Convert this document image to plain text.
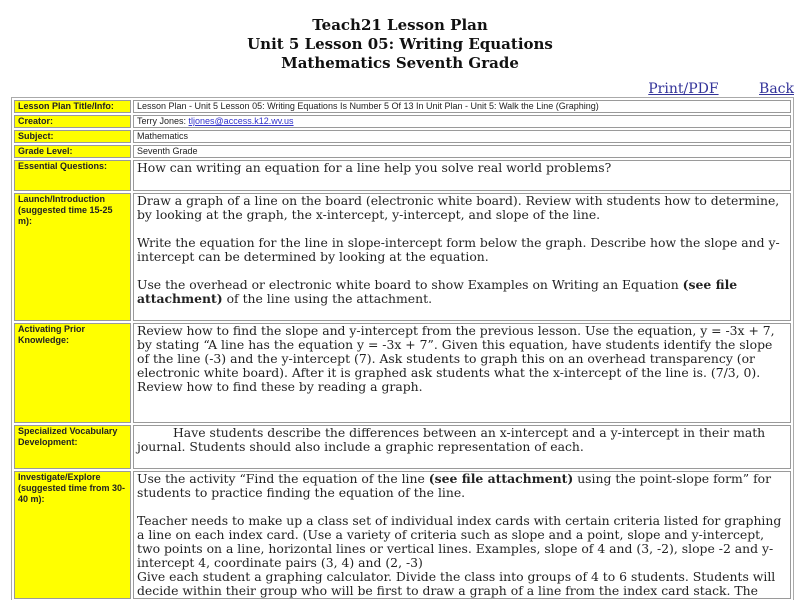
Teach21 Lesson Plan
Unit 5 Lesson 05: Writing Equations
Mathematics Seventh Grade
Print/PDF	Back
Lesson Plan Title/Info:	Lesson Plan - Unit 5 Lesson 05: Writing Equations Is Number 5 Of 13 In Unit Plan - Unit 5: Walk the Line (Graphing)
Creator:	Terry Jones: tljones@access.k12.wv.us
Subject:	Mathematics
Grade Level:	Seventh Grade
Essential Questions:	How can writing an equation for a line help you solve real world problems?
Launch/Introduction (suggested time 15-25 m):	Draw a graph of a line on the board (electronic white board). Review with students how to determine, by looking at the graph, the x-intercept, y-intercept, and slope of the line.

Write the equation for the line in slope-intercept form below the graph. Describe how the slope and y-intercept can be determined by looking at the equation.

Use the overhead or electronic white board to show Examples on Writing an Equation (see file attachment) of the line using the attachment.

Activating Prior Knowledge:	Review how to find the slope and y-intercept from the previous lesson. Use the equation, y = -3x + 7, by stating “A line has the equation y = -3x + 7”. Given this equation, have students identify the slope of the line (-3) and the y-intercept (7). Ask students to graph this on an overhead transparency (or electronic white board). After it is graphed ask students what the x-intercept of the line is. (7/3, 0). Review how to find these by reading a graph.

Specialized Vocabulary Development:	Have students describe the differences between an x-intercept and a y-intercept in their math journal. Students should also include a graphic representation of each.

Investigate/Explore (suggested time from 30-40 m):	Use the activity “Find the equation of the line (see file attachment) using the point-slope form” for students to practice finding the equation of the line.

Teacher needs to make up a class set of individual index cards with certain criteria listed for graphing a line on each index card. (Use a variety of criteria such as slope and a point, slope and y-intercept, two points on a line, horizontal lines or vertical lines. Examples, slope of 4 and (3, -2), slope -2 and y-intercept 4, coordinate pairs (3, 4) and (2, -3)

Give each student a graphing calculator. Divide the class into groups of 4 to 6 students. Students will decide within their group who will be first to draw a graph of a line from the index card stack. The
